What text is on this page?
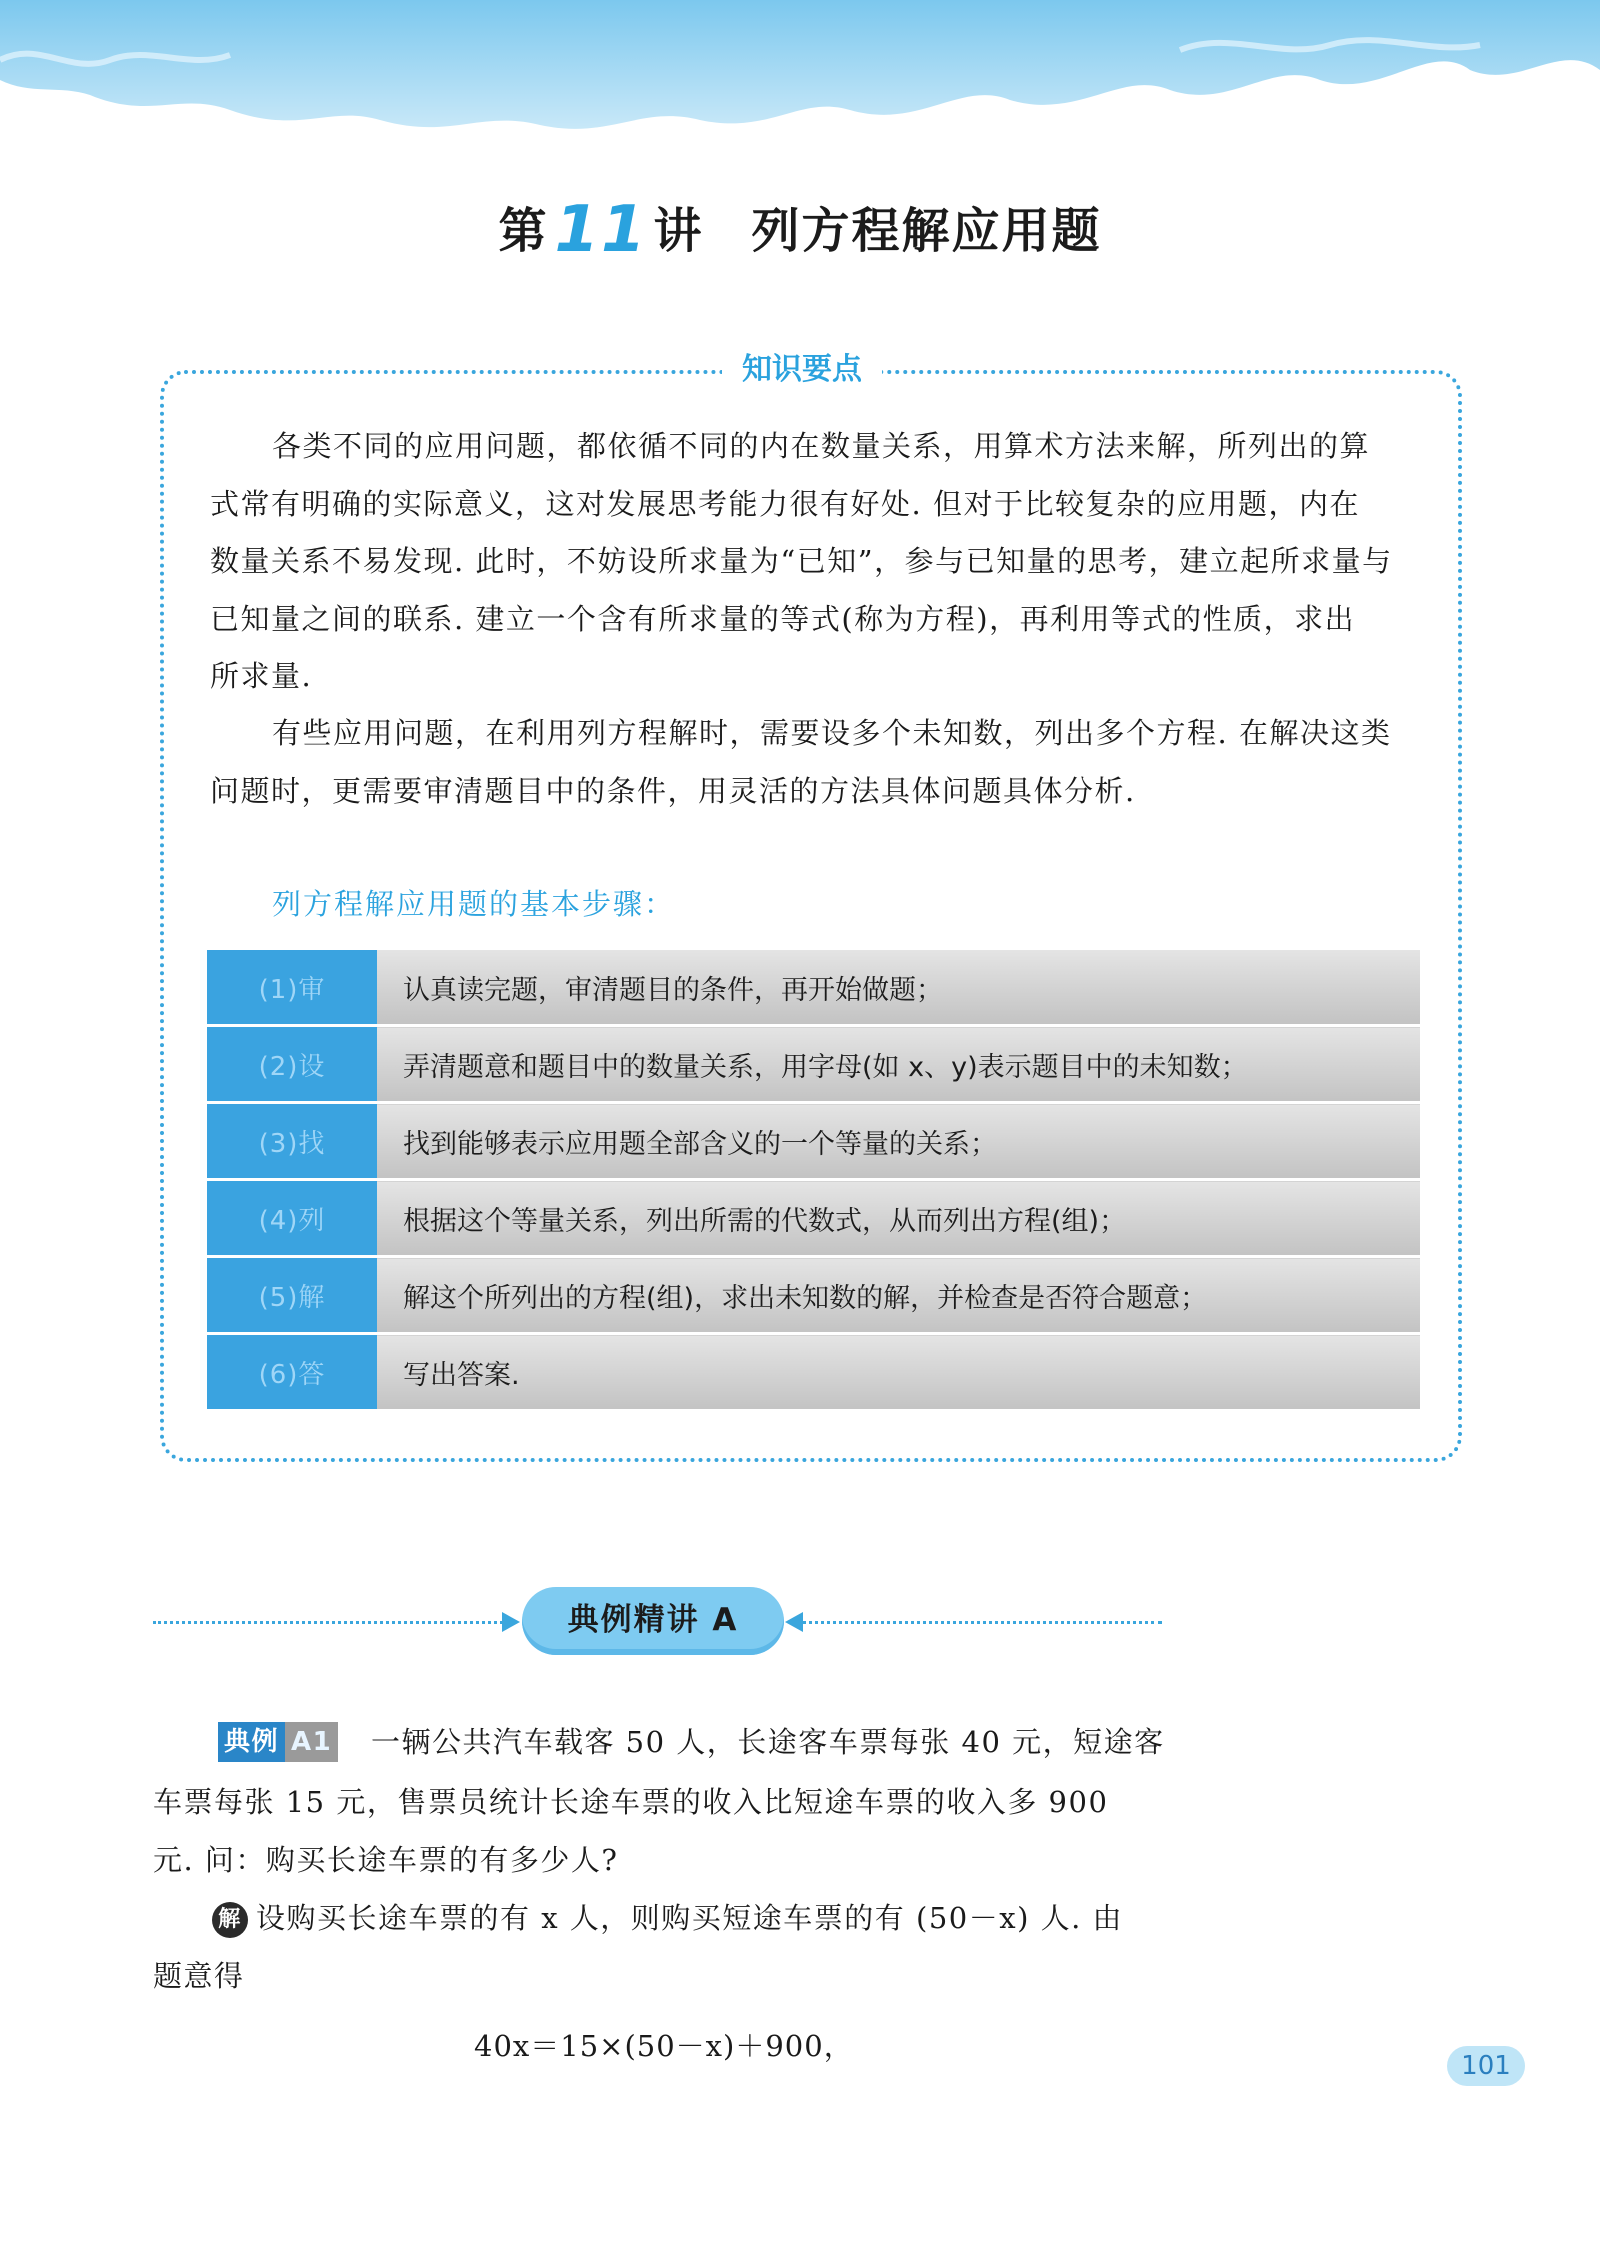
第11 讲 列方程解应用题
知识要点
各类不同的应用问题，都依循不同的内在数量关系，用算术方法来解，所列出的算
式常有明确的实际意义，这对发展思考能力很有好处. 但对于比较复杂的应用题，内在
数量关系不易发现. 此时，不妨设所求量为“已知”，参与已知量的思考，建立起所求量与
已知量之间的联系. 建立一个含有所求量的等式(称为方程)，再利用等式的性质，求出
所求量.
有些应用问题，在利用列方程解时，需要设多个未知数，列出多个方程. 在解决这类
问题时，更需要审清题目中的条件，用灵活的方法具体问题具体分析.
列方程解应用题的基本步骤：
(1)审	认真读完题，审清题目的条件，再开始做题；
(2)设	弄清题意和题目中的数量关系，用字母(如 x、y)表示题目中的未知数；
(3)找	找到能够表示应用题全部含义的一个等量的关系；
(4)列	根据这个等量关系，列出所需的代数式，从而列出方程(组)；
(5)解	解这个所列出的方程(组)，求出未知数的解，并检查是否符合题意；
(6)答	写出答案.
典例精讲 A

典例 A1 一辆公共汽车载客 50 人，长途客车票每张 40 元，短途客

车票每张 15 元，售票员统计长途车票的收入比短途车票的收入多 900

元. 问：购买长途车票的有多少人?

解 设购买长途车票的有 x 人，则购买短途车票的有 (50－x) 人. 由

题意得

40x＝15×(50－x)＋900，
101
